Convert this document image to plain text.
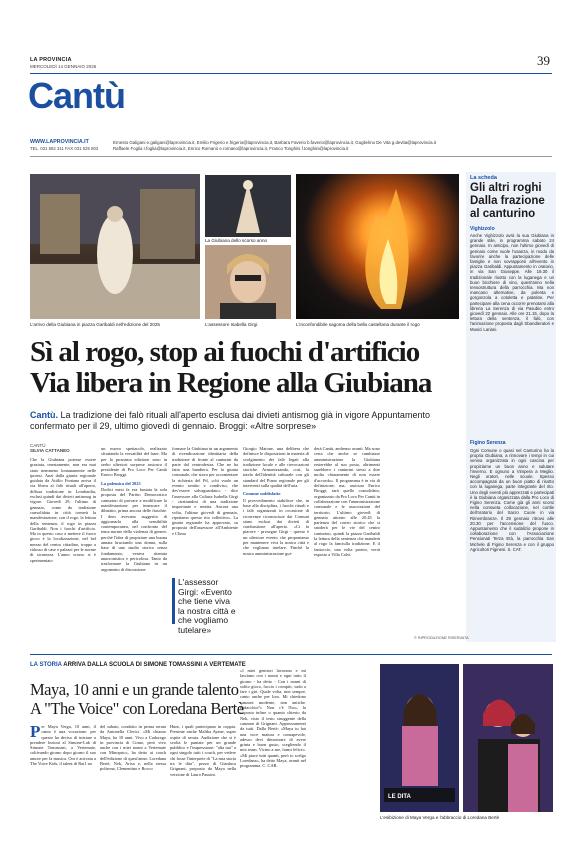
LA PROVINCIA
MERCOLEDÌ 14 GENNAIO 2026	39
Cantù
WWW.LAPROVINCIA.IT
TEL. 031 582 311 FAX 031 525 803
Ernesto Galigani e.galigani@laprovincia.it, Emilio Frigerio e.frigerio@laprovincia.it, Barbara Faverio b.faverio@laprovincia.it, Guglielmo De Vita g.devita@laprovincia.it
Raffaele Foglia r.foglia@laprovincia.it, Enrico Romanò e.romano@laprovincia.it, Franco Tonghini f.tonghini@laprovincia.it
L'arrivo della Giubiana in piazza Garibaldi nell'edizione del 2025
La Giubiana dello scorso anno
L'assessore Isabella Girgi	L'inconfondibile sagoma della bella castellana durante il rogo
La scheda
Gli altri roghi Dalla frazione al canturino
Vighizzolo
Anche Vighizzolo avrà la sua Giubiana in grande stile, in programma sabato 24 gennaio. In anticipo, non l'ultimo giovedì di gennaio come vuole l'usanza, in modo da favorire anche la partecipazione delle famiglie e non sovrapporsi all'evento in piazza Garibaldi. Appuntamento in oratorio, in via San Giuseppe. Alle 19.30 il tradizionale risotto con la luganega e un buon bicchiere di vino, quest'anno nella tensostruttura della parrocchia. Ma non mancano alternative, da polenta e gorgonzola a cotoletta e patatine. Per partecipare alla cena occorre prenotarsi alla libreria La Serenza di via Pasubio entro giovedì 22 gennaio. Alle ore 21.15, dopo la lettura della sentenza, il falò, con l'animazione proposta dagli Sbandieratori e Musici Lariani.
Figino Serenza
Ogni Comune o quasi nel Canturino ha la propria Giubiana, a rinnovare i tempi in cui veniva organizzata in ogni cascina per propiziarne un buon anno e salutare l'inverno. E ognuno a Vimpera a Meglio. Negli oratori, nelle scuole. Spesso accompagnati da un buon piatto di risotto con la luganega, parte integrante del rito. Uno degli eventi più apprezzati e partecipati è la Giubiana organizzata dalla Pro Loco di Figino Serenza. Come già gli anni scorsi nella consueta collocazione, nel cortile dell'oratorio del Sacro Cuore in via Rimembranze. Il 29 gennaio ritrovo alle 20.30 per l'accensione del fuoco. Appuntamento che il sodalizio propone in collaborazione con l'Associazione Pensionati Terza Età, la parrocchia San Michele di Figino Serenza e con il gruppo Agricoltori Figinesi. S. CAT.
Sì al rogo, stop ai fuochi d'artificio
Via libera in Regione alla Giubiana
Cantù. La tradizione dei falò rituali all'aperto esclusa dai divieti antismog già in vigore Appuntamento confermato per il 29, ultimo giovedì di gennaio. Broggi: «Altre sorprese»
CANTÙ
SILVIA CATTANEO
Che la Giubiana potesse essere graziata, onestamente, non era mai stato nemmeno lontanamente nelle ipotesi. Anzi dalla giunta regionale guidata da Attilio Fontana arriva il via libera ai falò rituali all'aperto, diffusa tradizione in Lombardia, esclusi quindi dai divieti antismog in vigore. Giovedì 29, l'ultimo di gennaio, come da tradizione consolidata in città tornerà la manifestazione, con il rogo, la lettura della sentenza, il rogo in piazza Garibaldi. Non i fuochi d'artificio. Ma in questo caso a mettere il fuoco gioco è la localizzazione, nel bel mezzo del centro cittadino, troppo a ridosso di case e palazzi per le norme di sicurezza. L'anno scorso si è sperimentato
un nuovo spettacolo, realizzato sfruttando la versatilità del laser. Ma per la prossima edizione sono in serbo ulteriori sorprese assicura il presidente di Pro Loco Per Cantù Enrico Broggi.
La polemica del 2025
Dodici mesi fa era bastata la sola proposta del Partito Democratico canturino di provare a modificare la manifestazione per innescare il dibattito, prima ancora delle fiaschie. I dem avevano suggerito di aggiornarla alla sensibilità contemporanea, nel confronto del tema norme della violenza di genere, perché l'idea di propiziare una buona annata bruciando una donna, sulla base di uno studio storico senza fondamento, veniva ritenuta anacronistica e pericolosa. Tanto da trasformare la Giubiana in un argomento di discussione
formare la Giubiana in un argomento di rivendicazione identitaria della tradizione di fronte al canturini da parte dal centrodestra. Che ne ha fatto una bandiera. Per la giunta comunale, che stava per accontentare la richiesta del Pd, «chi vuole un evento sentito e condiviso, che dev'essere salvaguardato» - dice l'assessore alla Cultura Isabella Girgi - «trattandosi di una tradizione importante e sentita. Ancora una volta, l'ultimo giovedì di gennaio, ripetiamo questo rito collettivo». La giunta regionale ha approvato, su proposta dell'assessore all'Ambiente e Clima
Giorgio Maione, una delibera che definisce le disposizioni in materia di svolgimento dei falò legati alla tradizione locale e alle rievocazioni storiche. Armonizzando, così, la tutela dell'identità culturale con gli standard del Piano regionale per gli interventi sulla qualità dell'aria.
Comune soddisfatto
Il provvedimento stabilisce che, in base alla disciplina, i fuochi rituali e i falò organizzati in occasione di ricorrenze riconosciute dai Comuni siano esclusi dai divieti di combustione all'aperto. «Ci fa piacere - prosegue Girgi - questo è un ulteriore evento che proponiamo per mantenere viva la nostra città e che vogliamo tutelare. Finché la nostra amministrazione gui-
derà Cantù, andremo avanti. Ma sono certa che anche se cambiasse amministrazione la Giubiana resterebbe al suo posto, altrimenti sarebbero i canturini stessi a dire molto chiaramente di non essere d'accordo». Il programma è in via di definizione, ma, assicura Enrico Broggi, sarà quello consolidato, organizzato da Pro Loco Per Cantù in collaborazione con l'amministrazione comunale e le associazioni del territorio. L'ultimo giovedì di gennaio attorno alle 20.45 la partenza del corteo storico che si snoderà per le vie del centro canturino, quindi la piazza Garibaldi la lettura della sentenza che manderà al rogo la fanciulla tradizione. E il fantoccio, una volta pronto, verrà esposto a Villa Calvi.
L'assessor Girgi: «Evento che tiene viva la nostra città e che vogliamo tutelare»
© RIPRODUZIONE RISERVATA
LA STORIA ARRIVA DALLA SCUOLA DI SIMONE TOMASSINI A VERTEMATE
Maya, 10 anni e un grande talento
A "The Voice" con Loredana Bertè
P er Maya Verga, 10 anni, il canto è una vocazione: per questo ha deciso di iniziare a prendere lezioni al Simone-Lab di Simone Tomassini, a Vertemate, coltivando giorno dopo giorno il suo amore per la musica. Ora è arrivata a The Voice Kids, il talent di Rai1 no
del sabato, condotto in prima serata da Antonella Clerici. «Mi chiamo Maya, ho 10 anni. Vivo a Cadorago in provincia di Como, però vivo anche con i miei nonni a Vertemate con Minoprio», ha detto ai coach dell'edizione di quest'anno: Loredana Bertè, Nek, Arisa e, nella stessa poltrona, Clementino e Rocco
Hunt, i quali partecipano in coppia. Presente anche Malika Ayane, super ospite di serata. Audizione che si è svolta le puntate per un grande pubblico e l'impressione: "alta tua" a ogni singolo tutti i coach, per vedere chi fosse l'interprete di "La mia storia tra le dita", pezzo di Gianluca Grignani, proposto da Maya nella versione di Laura Pausini.
«I miei genitori lavorano e mi lasciano con i nonni e ogni tutto il giorno - ha detto - Con i nonni di solito gioco, faccio i compiti, vado a fare i giri. Quale volta, non sempre, canto anche per loro. Mi chiedono canzoni moderne, non antiche. Ridacchio?» Non c'è l'ho», la risposta infine o quanto chiesto da Nek, visto il testo struggente della canzone di Grignani. Apprezzamenti da tutti. Dalla Bertè: «Maya tu hai una voce matura e consapevole, adesso devi dimostrare di avere grinta e buon gusto, scegliendo il mio team. Vicino a me, farmi felice». «Mi piace tutti quanti, però io scelgo Loredana», ha detto Maya, avanti nel programma. C. CAR.
LE DITA
L'esibizione di Maya Verga e l'abbraccio di Loredana Bertè
